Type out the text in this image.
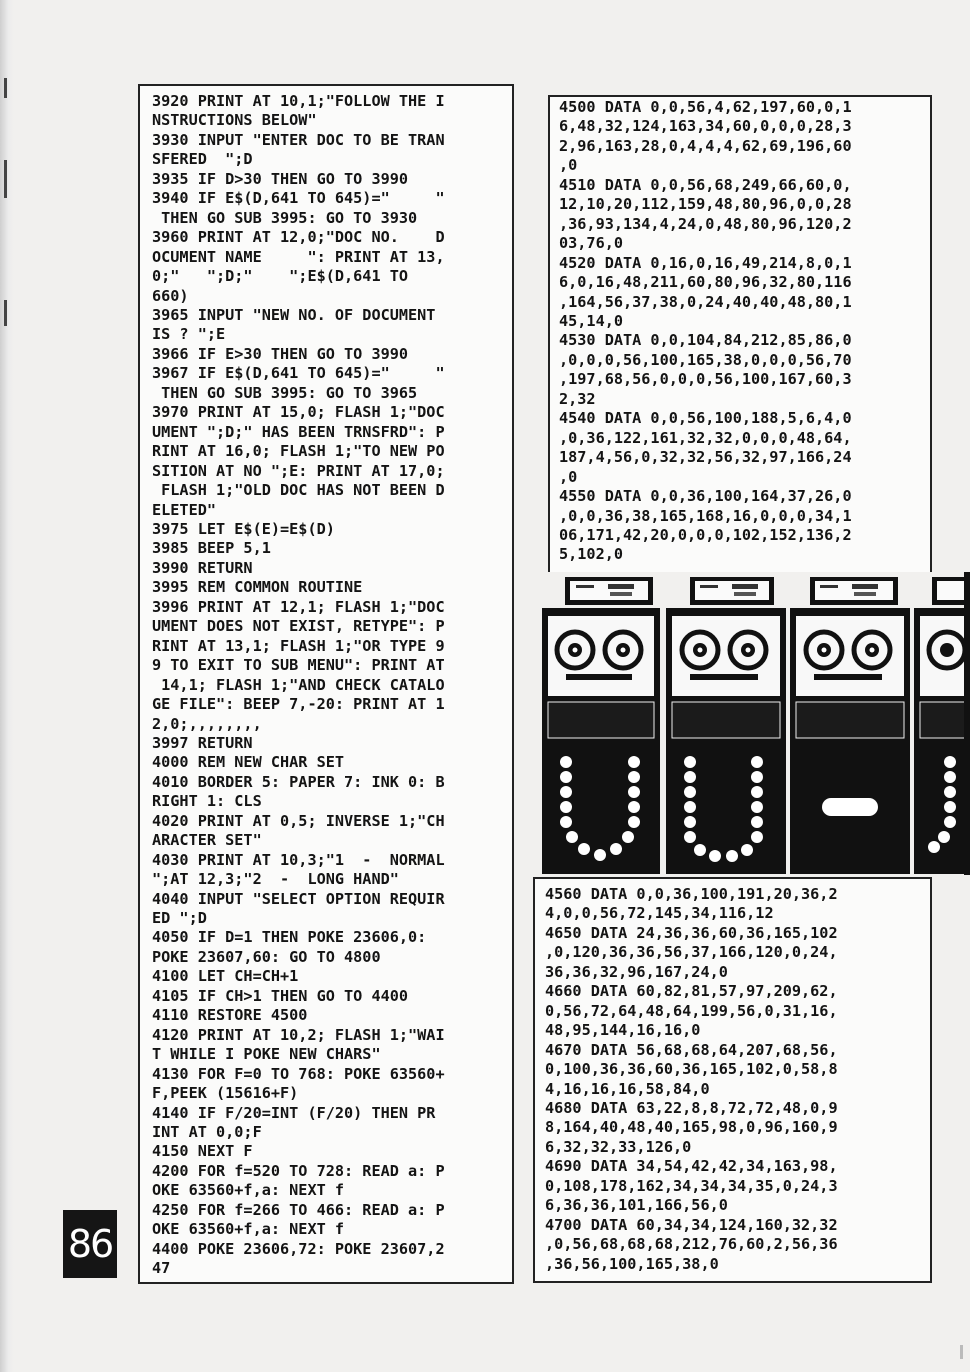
3920 PRINT AT 10,1;"FOLLOW THE I
NSTRUCTIONS BELOW"
3930 INPUT "ENTER DOC TO BE TRAN
SFERED  ";D
3935 IF D>30 THEN GO TO 3990
3940 IF E$(D,641 TO 645)="     "
THEN GO SUB 3995: GO TO 3930
3960 PRINT AT 12,0;"DOC NO.    D
OCUMENT NAME     ": PRINT AT 13,
0;"   ";D;"    ";E$(D,641 TO
660)
3965 INPUT "NEW NO. OF DOCUMENT
IS ? ";E
3966 IF E>30 THEN GO TO 3990
3967 IF E$(D,641 TO 645)="     "
THEN GO SUB 3995: GO TO 3965
3970 PRINT AT 15,0; FLASH 1;"DOC
UMENT ";D;" HAS BEEN TRNSFRD": P
RINT AT 16,0; FLASH 1;"TO NEW PO
SITION AT NO ";E: PRINT AT 17,0;
FLASH 1;"OLD DOC HAS NOT BEEN D
ELETED"
3975 LET E$(E)=E$(D)
3985 BEEP 5,1
3990 RETURN
3995 REM COMMON ROUTINE
3996 PRINT AT 12,1; FLASH 1;"DOC
UMENT DOES NOT EXIST, RETYPE": P
RINT AT 13,1; FLASH 1;"OR TYPE 9
9 TO EXIT TO SUB MENU": PRINT AT
14,1; FLASH 1;"AND CHECK CATALO
GE FILE": BEEP 7,-20: PRINT AT 1
2,0;,,,,,,,,
3997 RETURN
4000 REM NEW CHAR SET
4010 BORDER 5: PAPER 7: INK 0: B
RIGHT 1: CLS
4020 PRINT AT 0,5; INVERSE 1;"CH
ARACTER SET"
4030 PRINT AT 10,3;"1  -  NORMAL
";AT 12,3;"2  -  LONG HAND"
4040 INPUT "SELECT OPTION REQUIR
ED ";D
4050 IF D=1 THEN POKE 23606,0:
POKE 23607,60: GO TO 4800
4100 LET CH=CH+1
4105 IF CH>1 THEN GO TO 4400
4110 RESTORE 4500
4120 PRINT AT 10,2; FLASH 1;"WAI
T WHILE I POKE NEW CHARS"
4130 FOR F=0 TO 768: POKE 63560+
F,PEEK (15616+F)
4140 IF F/20=INT (F/20) THEN PR
INT AT 0,0;F
4150 NEXT F
4200 FOR f=520 TO 728: READ a: P
OKE 63560+f,a: NEXT f
4250 FOR f=266 TO 466: READ a: P
OKE 63560+f,a: NEXT f
4400 POKE 23606,72: POKE 23607,2
47

4500 DATA 0,0,56,4,62,197,60,0,1
6,48,32,124,163,34,60,0,0,0,28,3
2,96,163,28,0,4,4,4,62,69,196,60
,0
4510 DATA 0,0,56,68,249,66,60,0,
12,10,20,112,159,48,80,96,0,0,28
,36,93,134,4,24,0,48,80,96,120,2
03,76,0
4520 DATA 0,16,0,16,49,214,8,0,1
6,0,16,48,211,60,80,96,32,80,116
,164,56,37,38,0,24,40,40,48,80,1
45,14,0
4530 DATA 0,0,104,84,212,85,86,0
,0,0,0,56,100,165,38,0,0,0,56,70
,197,68,56,0,0,0,56,100,167,60,3
2,32
4540 DATA 0,0,56,100,188,5,6,4,0
,0,36,122,161,32,32,0,0,0,48,64,
187,4,56,0,32,32,56,32,97,166,24
,0
4550 DATA 0,0,36,100,164,37,26,0
,0,0,36,38,165,168,16,0,0,0,34,1
06,171,42,20,0,0,0,102,152,136,2
5,102,0

4560 DATA 0,0,36,100,191,20,36,2
4,0,0,56,72,145,34,116,12
4650 DATA 24,36,36,60,36,165,102
,0,120,36,36,56,37,166,120,0,24,
36,36,32,96,167,24,0
4660 DATA 60,82,81,57,97,209,62,
0,56,72,64,48,64,199,56,0,31,16,
48,95,144,16,16,0
4670 DATA 56,68,68,64,207,68,56,
0,100,36,36,60,36,165,102,0,58,8
4,16,16,16,58,84,0
4680 DATA 63,22,8,8,72,72,48,0,9
8,164,40,48,40,165,98,0,96,160,9
6,32,32,33,126,0
4690 DATA 34,54,42,42,34,163,98,
0,108,178,162,34,34,34,35,0,24,3
6,36,36,101,166,56,0
4700 DATA 60,34,34,124,160,32,32
,0,56,68,68,68,212,76,60,2,56,36
,36,56,100,165,38,0

86
